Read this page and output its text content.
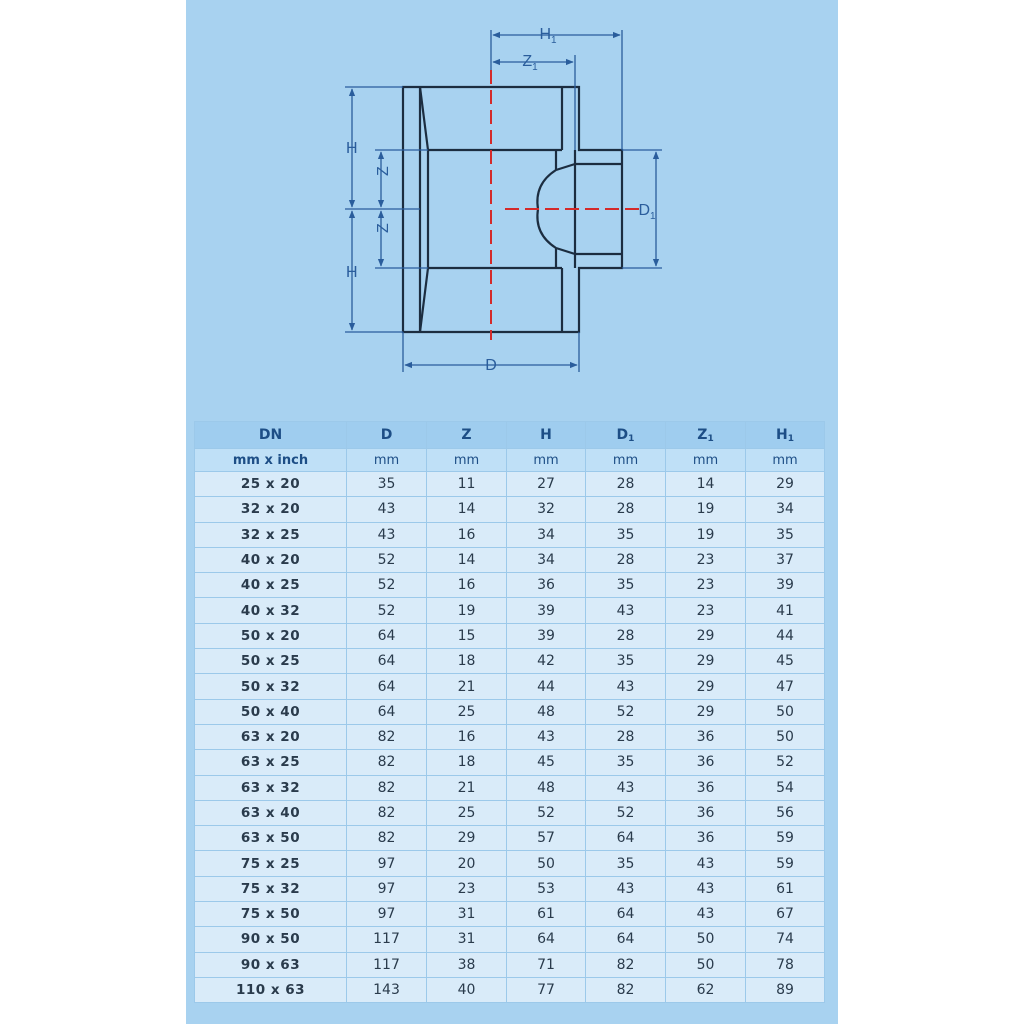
$H_1$
$Z_1$
$D_1$
H
H
Z
Z
D
DN	D	Z	H	$D_1$	$Z_1$	$H_1$
mm x inch	mm	mm	mm	mm	mm	mm
25 x 20	35	11	27	28	14	29
32 x 20	43	14	32	28	19	34
32 x 25	43	16	34	35	19	35
40 x 20	52	14	34	28	23	37
40 x 25	52	16	36	35	23	39
40 x 32	52	19	39	43	23	41
50 x 20	64	15	39	28	29	44
50 x 25	64	18	42	35	29	45
50 x 32	64	21	44	43	29	47
50 x 40	64	25	48	52	29	50
63 x 20	82	16	43	28	36	50
63 x 25	82	18	45	35	36	52
63 x 32	82	21	48	43	36	54
63 x 40	82	25	52	52	36	56
63 x 50	82	29	57	64	36	59
75 x 25	97	20	50	35	43	59
75 x 32	97	23	53	43	43	61
75 x 50	97	31	61	64	43	67
90 x 50	117	31	64	64	50	74
90 x 63	117	38	71	82	50	78
110 x 63	143	40	77	82	62	89
